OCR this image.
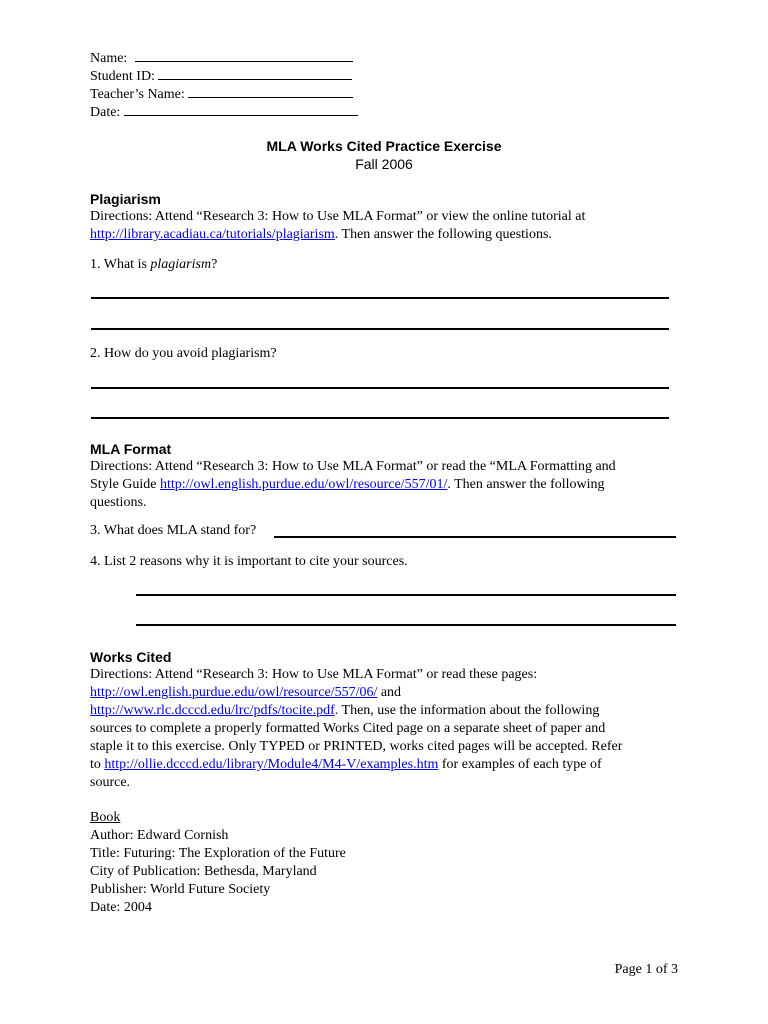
Name:
Student ID:
Teacher’s Name:
Date:
MLA Works Cited Practice Exercise
Fall 2006
Plagiarism
Directions: Attend “Research 3: How to Use MLA Format” or view the online tutorial at
http://library.acadiau.ca/tutorials/plagiarism. Then answer the following questions.
1. What is plagiarism?
2. How do you avoid plagiarism?
MLA Format
Directions: Attend “Research 3: How to Use MLA Format” or read the “MLA Formatting and
Style Guide http://owl.english.purdue.edu/owl/resource/557/01/. Then answer the following
questions.
3. What does MLA stand for?
4. List 2 reasons why it is important to cite your sources.
Works Cited
Directions: Attend “Research 3: How to Use MLA Format” or read these pages:
http://owl.english.purdue.edu/owl/resource/557/06/ and
http://www.rlc.dcccd.edu/lrc/pdfs/tocite.pdf. Then, use the information about the following
sources to complete a properly formatted Works Cited page on a separate sheet of paper and
staple it to this exercise. Only TYPED or PRINTED, works cited pages will be accepted. Refer
to http://ollie.dcccd.edu/library/Module4/M4-V/examples.htm for examples of each type of
source.
Book
Author: Edward Cornish
Title: Futuring: The Exploration of the Future
City of Publication: Bethesda, Maryland
Publisher: World Future Society
Date: 2004
Page 1 of 3
